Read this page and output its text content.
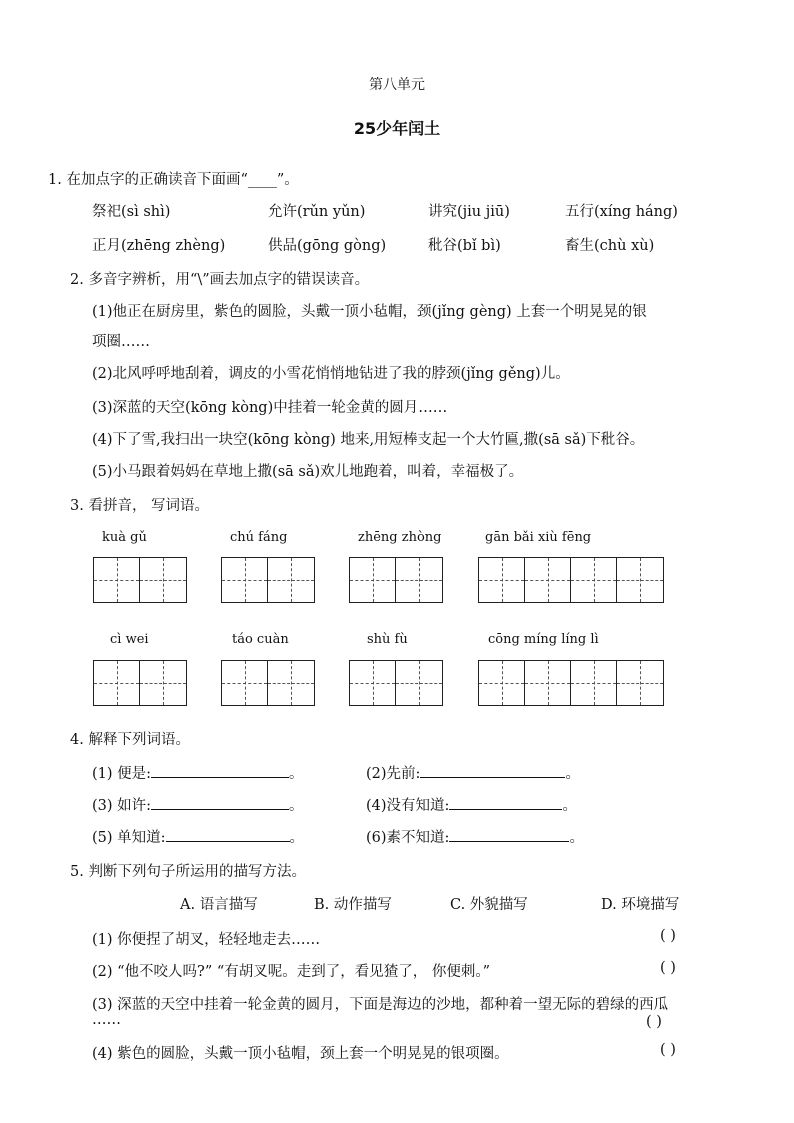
第八单元
25少年闰土
1. 在加点字的正确读音下面画“____”。
祭祀(sì shì)	允许(rǔn yǔn)	讲究(jiu jiū)	五行(xíng háng)
正月(zhēng zhèng)	供品(gōng gòng)	秕谷(bǐ bì)	畜生(chù xù)
2. 多音字辨析，用“\”画去加点字的错误读音。
(1)他正在厨房里，紫色的圆脸，头戴一顶小毡帽，颈(jǐng gèng) 上套一个明晃晃的银
项圈……
(2)北风呼呼地刮着，调皮的小雪花悄悄地钻进了我的脖颈(jǐng gěng)儿。
(3)深蓝的天空(kōng kòng)中挂着一轮金黄的圆月……
(4)下了雪,我扫出一块空(kōng kòng) 地来,用短棒支起一个大竹匾,撒(sā sǎ)下秕谷。
(5)小马跟着妈妈在草地上撒(sā sǎ)欢儿地跑着，叫着，幸福极了。
3. 看拼音， 写词语。
kuà gǔ	chú fáng	zhēng zhòng	gān bǎi xiù fēng
cì wei	táo cuàn	shù fù	cōng míng líng lì
4. 解释下列词语。
(1) 便是:	。	(2)先前:	。
(3) 如许:	。	(4)没有知道:	。
(5) 单知道:	。	(6)素不知道:	。
5. 判断下列句子所运用的描写方法。
A. 语言描写	B. 动作描写	C. 外貌描写	D. 环境描写
(1) 你便捏了胡叉，轻轻地走去……	( )
(2) “他不咬人吗?” “有胡叉呢。走到了，看见猹了， 你便刺。”	( )
(3) 深蓝的天空中挂着一轮金黄的圆月，下面是海边的沙地，都种着一望无际的碧绿的西瓜
……	( )
(4) 紫色的圆脸，头戴一顶小毡帽，颈上套一个明晃晃的银项圈。	( )
